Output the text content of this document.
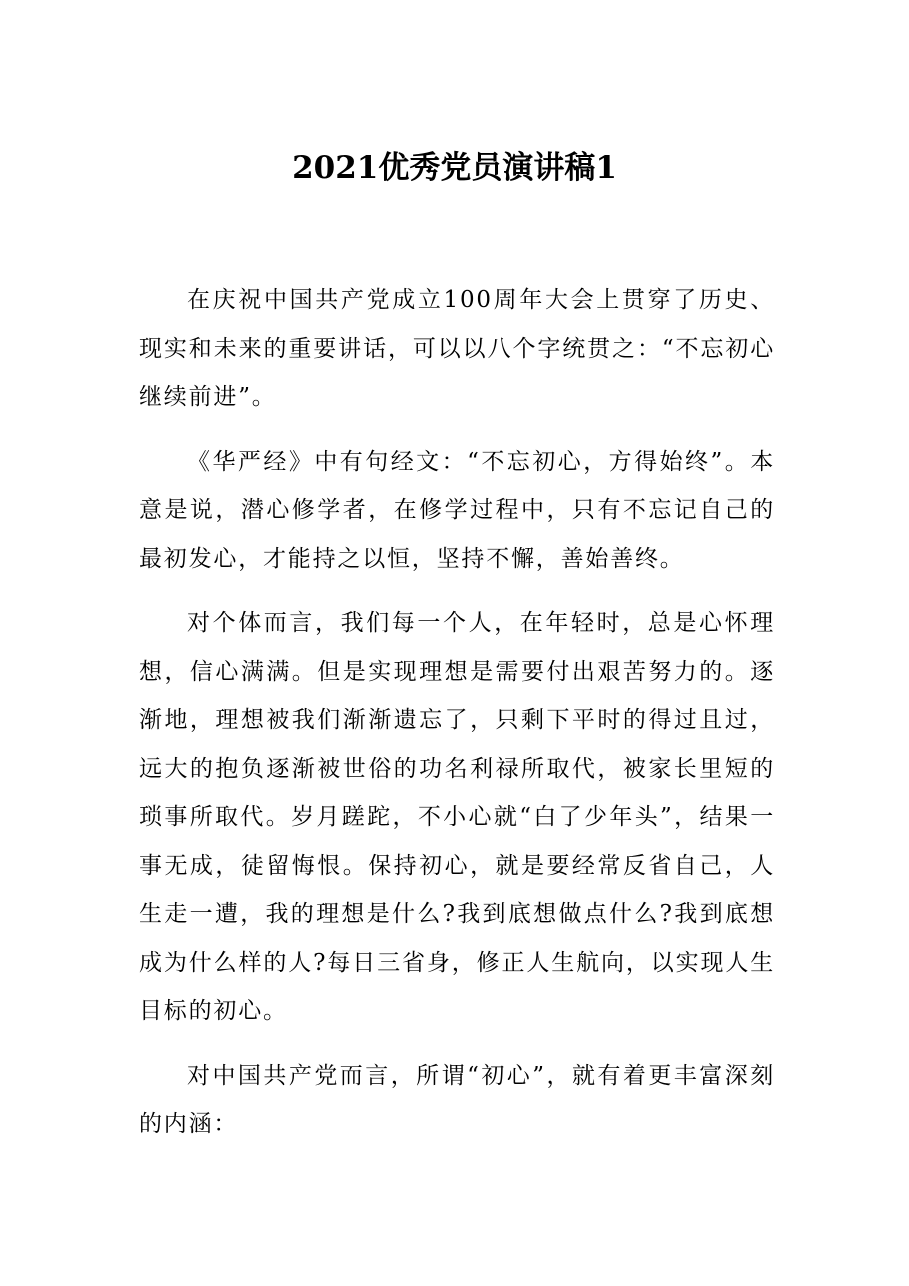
2021优秀党员演讲稿1

在庆祝中国共产党成立100周年大会上贯穿了历史、现实和未来的重要讲话，可以以八个字统贯之：“不忘初心继续前进”。

《华严经》中有句经文：“不忘初心，方得始终”。本意是说，潜心修学者，在修学过程中，只有不忘记自己的最初发心，才能持之以恒，坚持不懈，善始善终。

对个体而言，我们每一个人，在年轻时，总是心怀理想，信心满满。但是实现理想是需要付出艰苦努力的。逐渐地，理想被我们渐渐遗忘了，只剩下平时的得过且过，远大的抱负逐渐被世俗的功名利禄所取代，被家长里短的琐事所取代。岁月蹉跎，不小心就“白了少年头”，结果一事无成，徒留悔恨。保持初心，就是要经常反省自己，人生走一遭，我的理想是什么?我到底想做点什么?我到底想成为什么样的人?每日三省身，修正人生航向，以实现人生目标的初心。

对中国共产党而言，所谓“初心”，就有着更丰富深刻的内涵：
